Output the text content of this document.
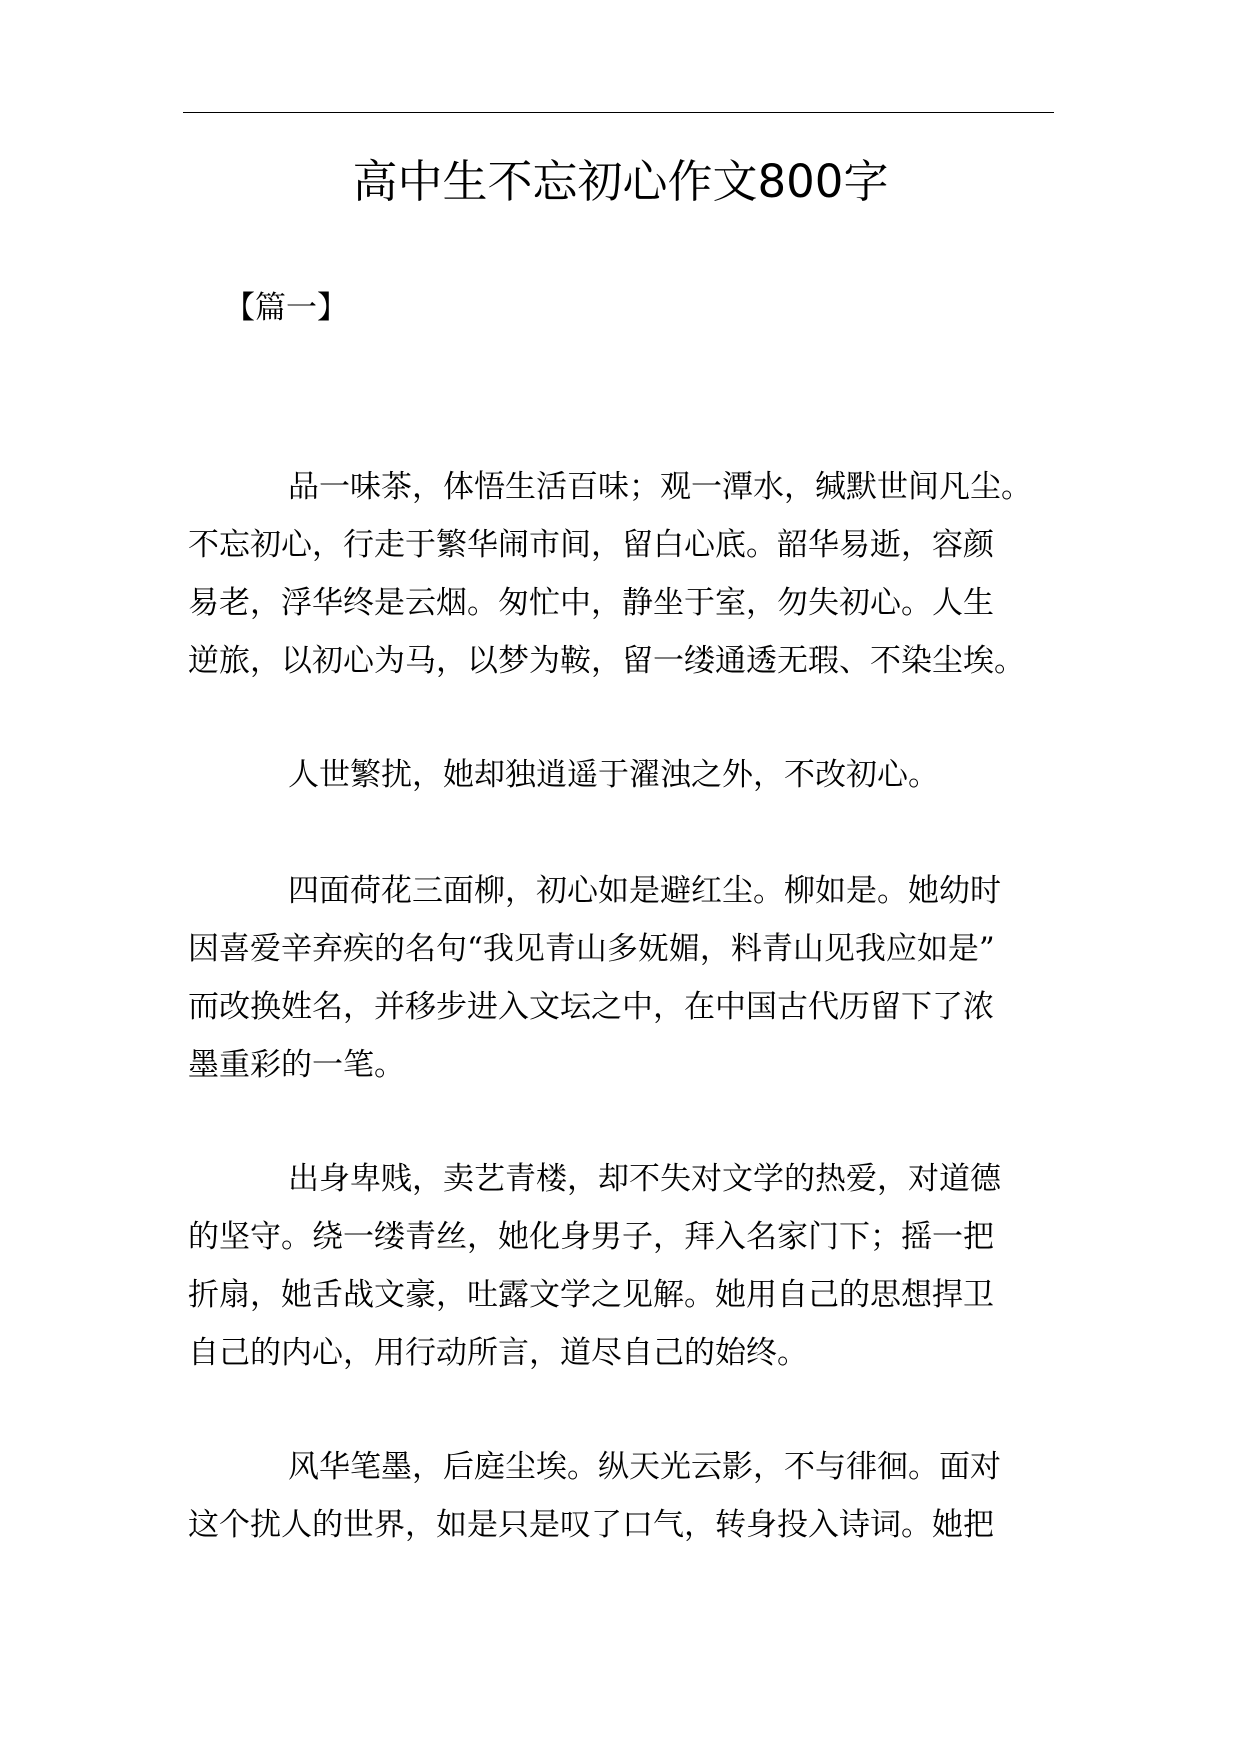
高中生不忘初心作文800字
【篇一】
品一味茶，体悟生活百味；观一潭水，缄默世间凡尘。
不忘初心，行走于繁华闹市间，留白心底。韶华易逝，容颜
易老，浮华终是云烟。匆忙中，静坐于室，勿失初心。人生
逆旅，以初心为马，以梦为鞍，留一缕通透无瑕、不染尘埃。
人世繁扰，她却独逍遥于濯浊之外，不改初心。
四面荷花三面柳，初心如是避红尘。柳如是。她幼时
因喜爱辛弃疾的名句“我见青山多妩媚，料青山见我应如是”
而改换姓名，并移步进入文坛之中，在中国古代历留下了浓
墨重彩的一笔。
出身卑贱，卖艺青楼，却不失对文学的热爱，对道德
的坚守。绕一缕青丝，她化身男子，拜入名家门下；摇一把
折扇，她舌战文豪，吐露文学之见解。她用自己的思想捍卫
自己的内心，用行动所言，道尽自己的始终。
风华笔墨，后庭尘埃。纵天光云影，不与徘徊。面对
这个扰人的世界，如是只是叹了口气，转身投入诗词。她把
